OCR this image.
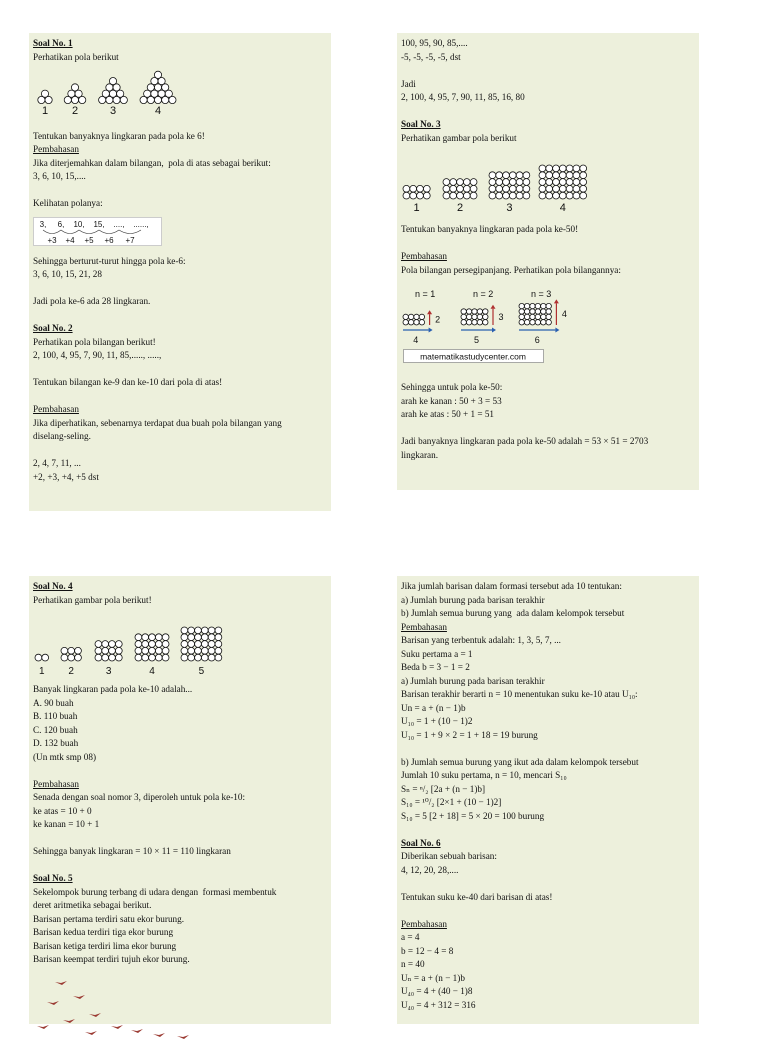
Soal No. 1
Perhatikan pola berikut
1 2	3	4
Tentukan banyaknya lingkaran pada pola ke 6!
Pembahasan
Jika diterjemahkan dalam bilangan,  pola di atas sebagai berikut:
3, 6, 10, 15,....
Kelihatan polanya:
3, 6, 10, 15, ...., ......,
+3 +4 +5 +6 +7
Sehingga berturut-turut hingga pola ke-6:
3, 6, 10, 15, 21, 28
Jadi pola ke-6 ada 28 lingkaran.
Soal No. 2
Perhatikan pola bilangan berikut!
2, 100, 4, 95, 7, 90, 11, 85,....., .....,
Tentukan bilangan ke-9 dan ke-10 dari pola di atas!
Pembahasan
Jika diperhatikan, sebenarnya terdapat dua buah pola bilangan yang
diselang-seling.
2, 4, 7, 11, ...
+2, +3, +4, +5 dst
100, 95, 90, 85,....
-5, -5, -5, -5, dst
Jadi
2, 100, 4, 95, 7, 90, 11, 85, 16, 80
Soal No. 3
Perhatikan gambar pola berikut
1	2	3	4
Tentukan banyaknya lingkaran pada pola ke-50!
Pembahasan
Pola bilangan persegipanjang. Perhatikan pola bilangannya:
n = 1
2
4
n = 2
3
5
n = 3
4
6
matematikastudycenter.com
Sehingga untuk pola ke-50:
arah ke kanan : 50 + 3 = 53
arah ke atas : 50 + 1 = 51
Jadi banyaknya lingkaran pada pola ke-50 adalah = 53 × 51 = 2703
lingkaran.
Soal No. 4
Perhatikan gambar pola berikut!
1 2	3	4	5
Banyak lingkaran pada pola ke-10 adalah...
A. 90 buah
B. 110 buah
C. 120 buah
D. 132 buah
(Un mtk smp 08)
Pembahasan
Senada dengan soal nomor 3, diperoleh untuk pola ke-10:
ke atas = 10 + 0
ke kanan = 10 + 1
Sehingga banyak lingkaran = 10 × 11 = 110 lingkaran
Soal No. 5
Sekelompok burung terbang di udara dengan  formasi membentuk
deret aritmetika sebagai berikut.
Barisan pertama terdiri satu ekor burung.
Barisan kedua terdiri tiga ekor burung
Barisan ketiga terdiri lima ekor burung
Barisan keempat terdiri tujuh ekor burung.
Jika jumlah barisan dalam formasi tersebut ada 10 tentukan:
a) Jumlah burung pada barisan terakhir
b) Jumlah semua burung yang  ada dalam kelompok tersebut
Pembahasan
Barisan yang terbentuk adalah: 1, 3, 5, 7, ...
Suku pertama a = 1
Beda b = 3 − 1 = 2
a) Jumlah burung pada barisan terakhir
Barisan terakhir berarti n = 10 menentukan suku ke-10 atau U₁₀:
Un = a + (n − 1)b
U₁₀ = 1 + (10 − 1)2
U₁₀ = 1 + 9 × 2 = 1 + 18 = 19 burung
b) Jumlah semua burung yang ikut ada dalam kelompok tersebut
Jumlah 10 suku pertama, n = 10, mencari S₁₀
Sₙ = ⁿ/₂ [2a + (n − 1)b]
S₁₀ = ¹⁰/₂ [2×1 + (10 − 1)2]
S₁₀ = 5 [2 + 18] = 5 × 20 = 100 burung
Soal No. 6
Diberikan sebuah barisan:
4, 12, 20, 28,....
Tentukan suku ke-40 dari barisan di atas!
Pembahasan
a = 4
b = 12 − 4 = 8
n = 40
Uₙ = a + (n − 1)b
U₄₀ = 4 + (40 − 1)8
U₄₀ = 4 + 312 = 316
